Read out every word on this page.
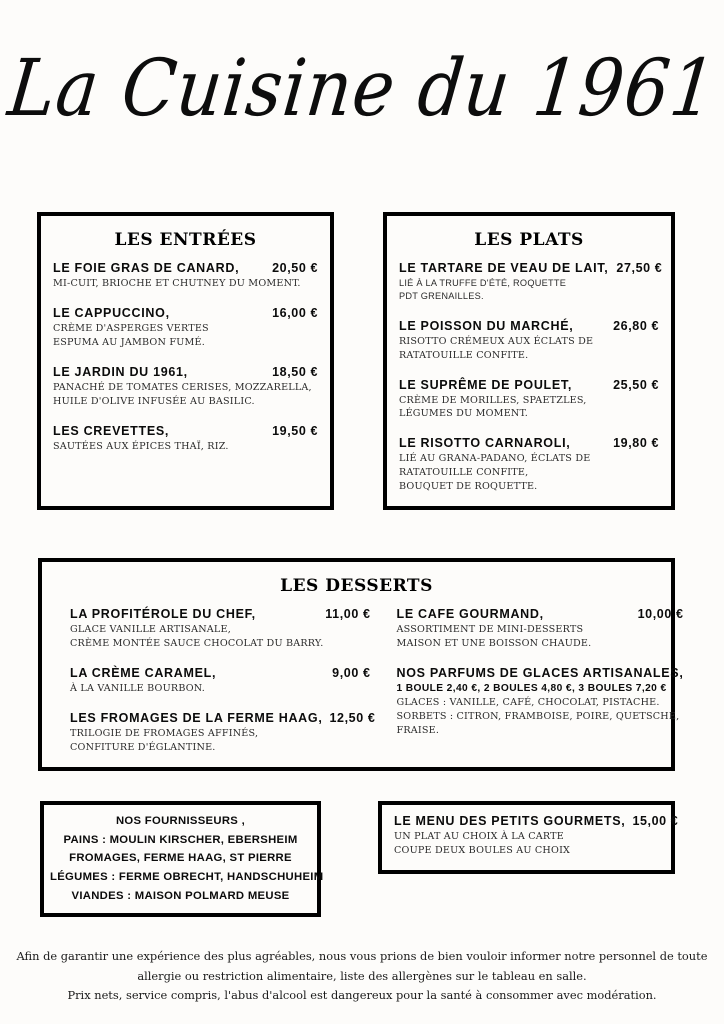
La Cuisine du 1961
LES ENTRÉES
LE FOIE GRAS DE CANARD,	20,50 €
MI-CUIT, BRIOCHE ET CHUTNEY DU MOMENT.
LE CAPPUCCINO,	16,00 €
CRÈME D'ASPERGES VERTES
ESPUMA AU JAMBON FUMÉ.
LE JARDIN DU 1961,	18,50 €
PANACHÉ DE TOMATES CERISES, MOZZARELLA,
HUILE D'OLIVE INFUSÉE AU BASILIC.
LES CREVETTES,	19,50 €
SAUTÉES AUX ÉPICES THAÏ, RIZ.
LES PLATS
LE TARTARE DE VEAU DE LAIT, 27,50 €
LIÉ À LA TRUFFE D'ÉTÉ, ROQUETTE
PDT GRENAILLES.
LE POISSON DU MARCHÉ,	26,80 €
RISOTTO CRÉMEUX AUX ÉCLATS DE
RATATOUILLE CONFITE.
LE SUPRÊME DE POULET,	25,50 €
CRÈME DE MORILLES, SPAETZLES,
LÉGUMES DU MOMENT.
LE RISOTTO CARNAROLI,	19,80 €
LIÉ AU GRANA-PADANO, ÉCLATS DE
RATATOUILLE CONFITE,
BOUQUET DE ROQUETTE.
LES DESSERTS
LA PROFITÉROLE DU CHEF,	11,00 €
GLACE VANILLE ARTISANALE,
CRÈME MONTÉE SAUCE CHOCOLAT DU BARRY.
LA CRÈME CARAMEL,	9,00 €
À LA VANILLE BOURBON.
LES FROMAGES DE LA FERME HAAG, 12,50 €
TRILOGIE DE FROMAGES AFFINÉS,
CONFITURE D'ÉGLANTINE.
LE CAFE GOURMAND,	10,00 €
ASSORTIMENT DE MINI-DESSERTS
MAISON ET UNE BOISSON CHAUDE.
NOS PARFUMS DE GLACES ARTISANALES,
1 BOULE 2,40 €, 2 BOULES 4,80 €, 3 BOULES 7,20 €
GLACES : VANILLE, CAFÉ, CHOCOLAT, PISTACHE.
SORBETS : CITRON, FRAMBOISE, POIRE, QUETSCHE, FRAISE.
NOS FOURNISSEURS ,
PAINS : MOULIN KIRSCHER, EBERSHEIM
FROMAGES, FERME HAAG, ST PIERRE
LÉGUMES : FERME OBRECHT, HANDSCHUHEIM
VIANDES : MAISON POLMARD MEUSE
LE MENU DES PETITS GOURMETS, 15,00 €
UN PLAT AU CHOIX À LA CARTE
COUPE DEUX BOULES AU CHOIX
Afin de garantir une expérience des plus agréables, nous vous prions de bien vouloir informer notre personnel de toute
allergie ou restriction alimentaire, liste des allergènes sur le tableau en salle.
Prix nets, service compris, l'abus d'alcool est dangereux pour la santé à consommer avec modération.
